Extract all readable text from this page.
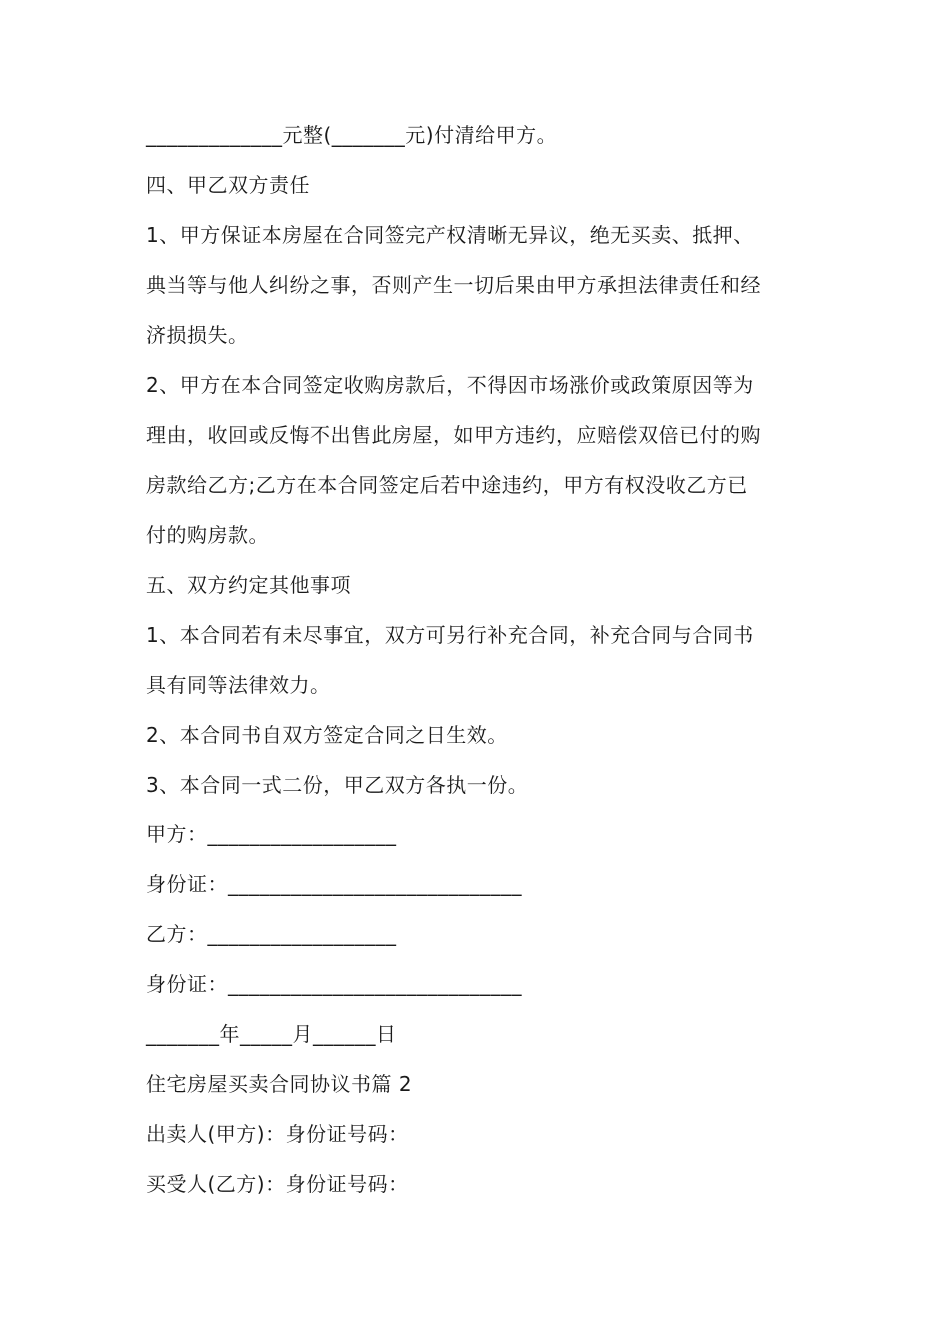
_____________元整(_______元)付清给甲方。
四、甲乙双方责任
1、甲方保证本房屋在合同签完产权清晰无异议，绝无买卖、抵押、
典当等与他人纠纷之事，否则产生一切后果由甲方承担法律责任和经
济损损失。
2、甲方在本合同签定收购房款后，不得因市场涨价或政策原因等为
理由，收回或反悔不出售此房屋，如甲方违约，应赔偿双倍已付的购
房款给乙方;乙方在本合同签定后若中途违约，甲方有权没收乙方已
付的购房款。
五、双方约定其他事项
1、本合同若有未尽事宜，双方可另行补充合同，补充合同与合同书
具有同等法律效力。
2、本合同书自双方签定合同之日生效。
3、本合同一式二份，甲乙双方各执一份。
甲方：__________________
身份证：____________________________
乙方：__________________
身份证：____________________________
_______年_____月______日
住宅房屋买卖合同协议书篇 2
出卖人(甲方)：身份证号码：
买受人(乙方)：身份证号码：
